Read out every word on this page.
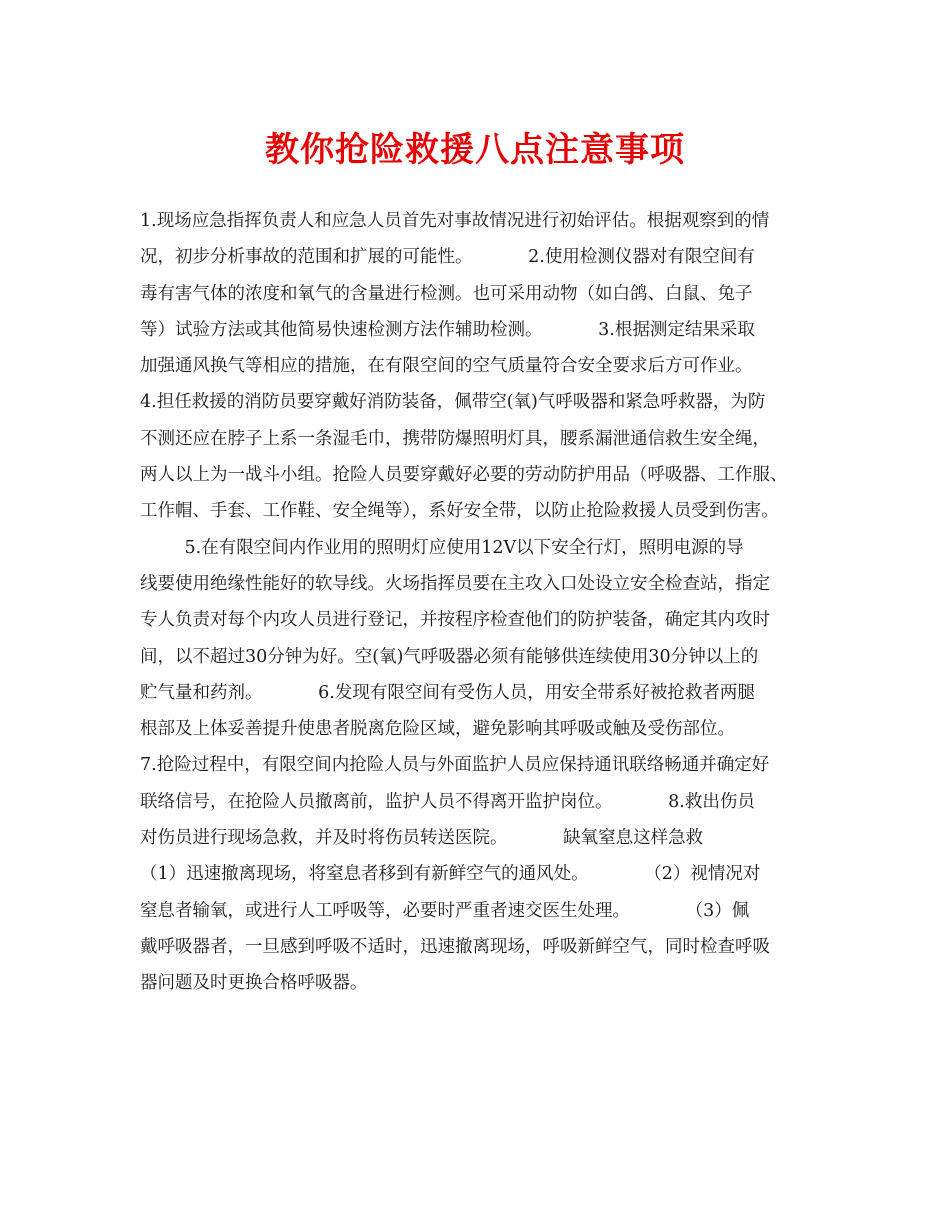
教你抢险救援八点注意事项
1.现场应急指挥负责人和应急人员首先对事故情况进行初始评估。根据观察到的情
况，初步分析事故的范围和扩展的可能性。          2.使用检测仪器对有限空间有
毒有害气体的浓度和氧气的含量进行检测。也可采用动物（如白鸽、白鼠、兔子
等）试验方法或其他简易快速检测方法作辅助检测。          3.根据测定结果采取
加强通风换气等相应的措施，在有限空间的空气质量符合安全要求后方可作业。
4.担任救援的消防员要穿戴好消防装备，佩带空(氧)气呼吸器和紧急呼救器，为防
不测还应在脖子上系一条湿毛巾，携带防爆照明灯具，腰系漏泄通信救生安全绳，
两人以上为一战斗小组。抢险人员要穿戴好必要的劳动防护用品（呼吸器、工作服、
工作帽、手套、工作鞋、安全绳等），系好安全带，以防止抢险救援人员受到伤害。
5.在有限空间内作业用的照明灯应使用12V以下安全行灯，照明电源的导
线要使用绝缘性能好的软导线。火场指挥员要在主攻入口处设立安全检查站，指定
专人负责对每个内攻人员进行登记，并按程序检查他们的防护装备，确定其内攻时
间，以不超过30分钟为好。空(氧)气呼吸器必须有能够供连续使用30分钟以上的
贮气量和药剂。          6.发现有限空间有受伤人员，用安全带系好被抢救者两腿
根部及上体妥善提升使患者脱离危险区域，避免影响其呼吸或触及受伤部位。
7.抢险过程中，有限空间内抢险人员与外面监护人员应保持通讯联络畅通并确定好
联络信号，在抢险人员撤离前，监护人员不得离开监护岗位。          8.救出伤员
对伤员进行现场急救，并及时将伤员转送医院。          缺氧窒息这样急救
（1）迅速撤离现场，将窒息者移到有新鲜空气的通风处。          （2）视情况对
窒息者输氧，或进行人工呼吸等，必要时严重者速交医生处理。          （3）佩
戴呼吸器者，一旦感到呼吸不适时，迅速撤离现场，呼吸新鲜空气，同时检查呼吸
器问题及时更换合格呼吸器。
